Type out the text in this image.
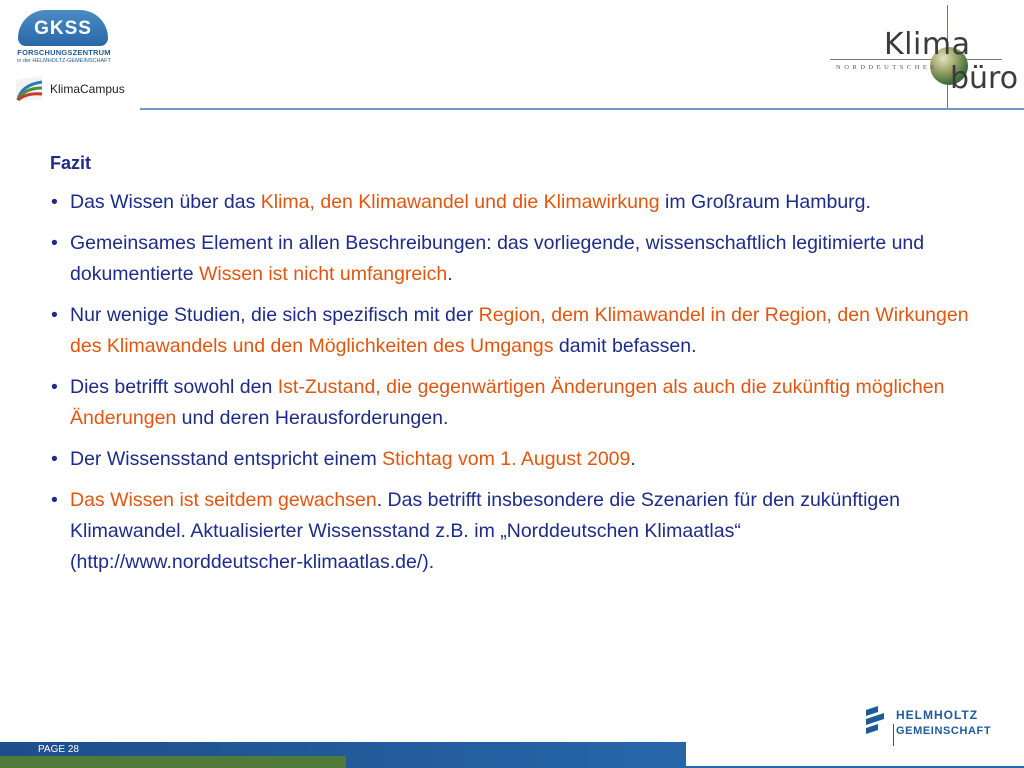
GKSS
FORSCHUNGSZENTRUM
in der HELMHOLTZ-GEMEINSCHAFT
KlimaCampus
Klima
NORDDEUTSCHES büro
Fazit
• Das Wissen über das Klima, den Klimawandel und die Klimawirkung im Großraum Hamburg.
• Gemeinsames Element in allen Beschreibungen: das vorliegende, wissenschaftlich legitimierte und dokumentierte Wissen ist nicht umfangreich.
• Nur wenige Studien, die sich spezifisch mit der Region, dem Klimawandel in der Region, den Wirkungen des Klimawandels und den Möglichkeiten des Umgangs damit befassen.
• Dies betrifft sowohl den Ist-Zustand, die gegenwärtigen Änderungen als auch die zukünftig möglichen Änderungen und deren Herausforderungen.
• Der Wissensstand entspricht einem Stichtag vom 1. August 2009.
• Das Wissen ist seitdem gewachsen. Das betrifft insbesondere die Szenarien für den zukünftigen Klimawandel. Aktualisierter Wissensstand z.B. im „Norddeutschen Klimaatlas“ (http://www.norddeutscher-klimaatlas.de/).
HELMHOLTZ
GEMEINSCHAFT
PAGE 28
